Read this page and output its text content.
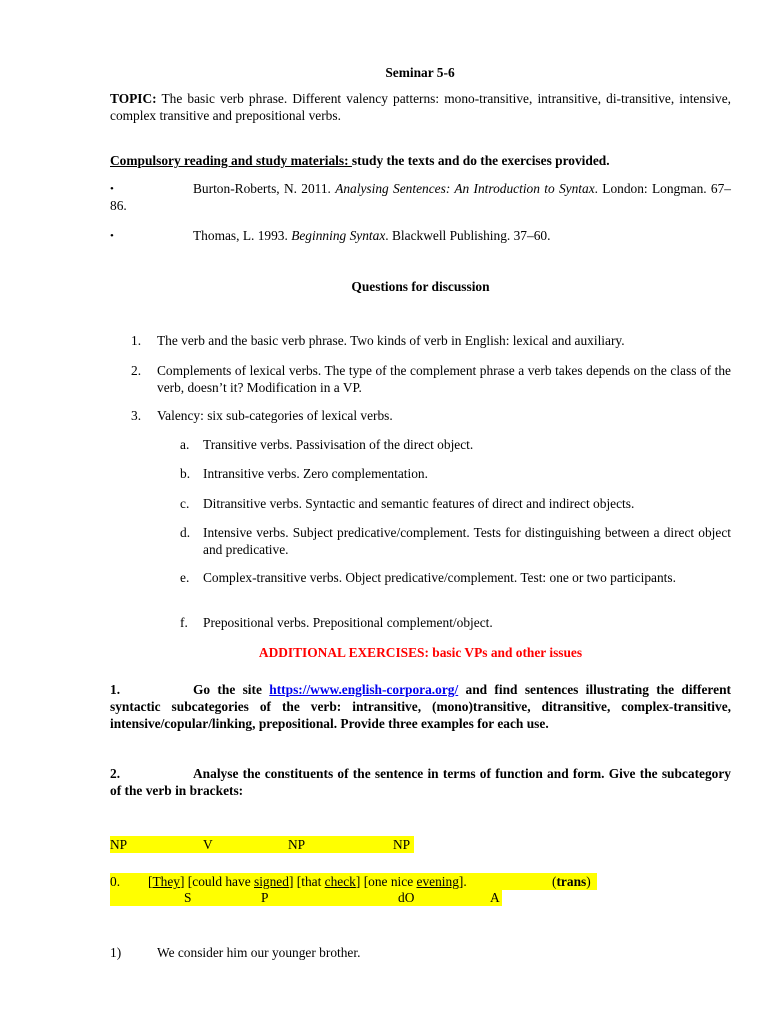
Seminar 5-6
TOPIC: The basic verb phrase. Different valency patterns: mono-transitive, intransitive, di-transitive, intensive, complex transitive and prepositional verbs.
Compulsory reading and study materials: study the texts and do the exercises provided.
•	Burton-Roberts, N. 2011. Analysing Sentences: An Introduction to Syntax. London: Longman. 67–86.
•	Thomas, L. 1993. Beginning Syntax. Blackwell Publishing. 37–60.
Questions for discussion
1.	The verb and the basic verb phrase. Two kinds of verb in English: lexical and auxiliary.
2.	Complements of lexical verbs. The type of the complement phrase a verb takes depends on the class of the verb, doesn’t it? Modification in a VP.
3.	Valency: six sub-categories of lexical verbs.
a.	Transitive verbs. Passivisation of the direct object.
b. Intransitive verbs. Zero complementation.
c.	Ditransitive verbs. Syntactic and semantic features of direct and indirect objects.
d. Intensive verbs. Subject predicative/complement. Tests for distinguishing between a direct object and predicative.
e.	Complex-transitive verbs. Object predicative/complement. Test: one or two participants.
f.	Prepositional verbs. Prepositional complement/object.
ADDITIONAL EXERCISES: basic VPs and other issues
1.	Go the site https://www.english-corpora.org/ and find sentences illustrating the different syntactic subcategories of the verb: intransitive, (mono)transitive, ditransitive, complex-transitive, intensive/copular/linking, prepositional. Provide three examples for each use.
2.	Analyse the constituents of the sentence in terms of function and form. Give the subcategory of the verb in brackets:
NP	V	NP	NP
0. [They] [could have signed] [that check] [one nice evening].	(trans)
S	P	dO	A
1)	We consider him our younger brother.
